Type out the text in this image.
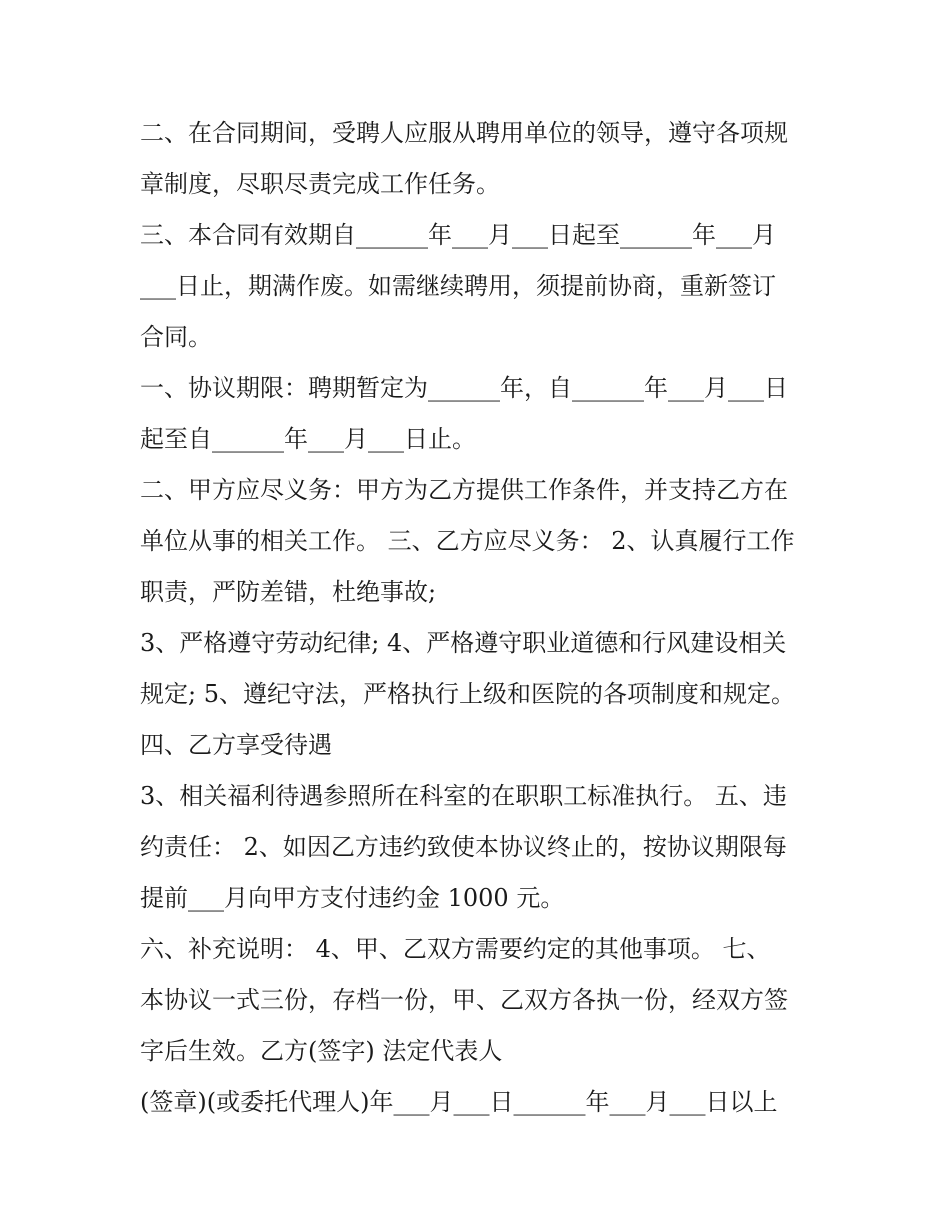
二、在合同期间，受聘人应服从聘用单位的领导，遵守各项规
章制度，尽职尽责完成工作任务。
三、本合同有效期自______年___月___日起至______年___月
___日止，期满作废。如需继续聘用，须提前协商，重新签订
合同。
一、协议期限：聘期暂定为______年，自______年___月___日
起至自______年___月___日止。
二、甲方应尽义务：甲方为乙方提供工作条件，并支持乙方在
单位从事的相关工作。 三、乙方应尽义务： 2、认真履行工作
职责，严防差错，杜绝事故;
3、严格遵守劳动纪律; 4、严格遵守职业道德和行风建设相关
规定; 5、遵纪守法，严格执行上级和医院的各项制度和规定。
四、乙方享受待遇
3、相关福利待遇参照所在科室的在职职工标准执行。 五、违
约责任： 2、如因乙方违约致使本协议终止的，按协议期限每
提前___月向甲方支付违约金 1000 元。
六、补充说明： 4、甲、乙双方需要约定的其他事项。 七、
本协议一式三份，存档一份，甲、乙双方各执一份，经双方签
字后生效。乙方(签字) 法定代表人
(签章)(或委托代理人)年___月___日______年___月___日以上
